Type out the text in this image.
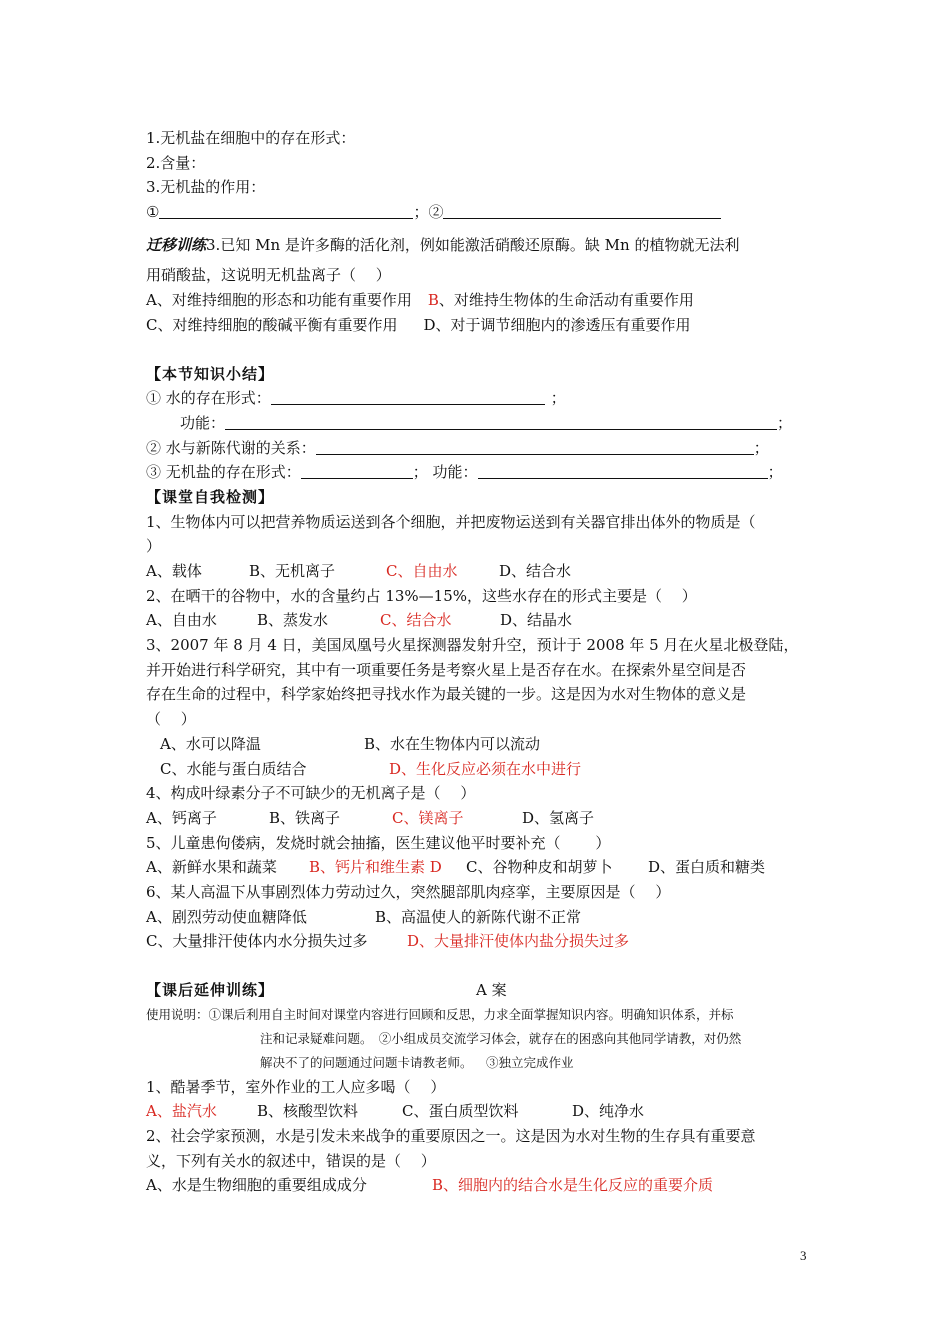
1.无机盐在细胞中的存在形式：
2.含量：
3.无机盐的作用：
①	；②
迁移训练3.已知 Mn 是许多酶的活化剂，例如能激活硝酸还原酶。缺 Mn 的植物就无法利
用硝酸盐，这说明无机盐离子（　 ）
A、对维持细胞的形态和功能有重要作用 B、对维持生物体的生命活动有重要作用
C、对维持细胞的酸碱平衡有重要作用 D、对于调节细胞内的渗透压有重要作用
【本节知识小结】
① 水的存在形式：	；
功能：	；
② 水与新陈代谢的关系：	；
③ 无机盐的存在形式：	； 功能：	；
【课堂自我检测】
1、生物体内可以把营养物质运送到各个细胞，并把废物运送到有关器官排出体外的物质是（
）
A、载体	B、无机离子	C、自由水	D、结合水
2、在晒干的谷物中，水的含量约占 13%—15%，这些水存在的形式主要是（　 ）
A、自由水	B、蒸发水	C、结合水	D、结晶水
3、2007 年 8 月 4 日，美国凤凰号火星探测器发射升空，预计于 2008 年 5 月在火星北极登陆，
并开始进行科学研究，其中有一项重要任务是考察火星上是否存在水。在探索外星空间是否
存在生命的过程中，科学家始终把寻找水作为最关键的一步。这是因为水对生物体的意义是
（　 ）
A、水可以降温	B、水在生物体内可以流动
C、水能与蛋白质结合	D、生化反应必须在水中进行
4、构成叶绿素分子不可缺少的无机离子是（　 ）
A、钙离子	B、铁离子	C、镁离子	D、氢离子
5、儿童患佝偻病，发烧时就会抽搐，医生建议他平时要补充（　　 ）
A、新鲜水果和蔬菜 B、钙片和维生素 D C、谷物种皮和胡萝卜 D、蛋白质和糖类
6、某人高温下从事剧烈体力劳动过久，突然腿部肌肉痉挛，主要原因是（　 ）
A、剧烈劳动使血糖降低	B、高温使人的新陈代谢不正常
C、大量排汗使体内水分损失过多	D、大量排汗使体内盐分损失过多
【课后延伸训练】	A 案
使用说明：①课后利用自主时间对课堂内容进行回顾和反思，力求全面掌握知识内容。明确知识体系，并标
注和记录疑难问题。　②小组成员交流学习体会，就存在的困惑向其他同学请教，对仍然
解决不了的问题通过问题卡请教老师。 ③独立完成作业
1、酷暑季节，室外作业的工人应多喝（　 ）
A、盐汽水	B、核酸型饮料	C、蛋白质型饮料	D、纯净水
2、社会学家预测，水是引发未来战争的重要原因之一。这是因为水对生物的生存具有重要意
义，下列有关水的叙述中，错误的是（　 ）
A、水是生物细胞的重要组成成分	B、细胞内的结合水是生化反应的重要介质
3
